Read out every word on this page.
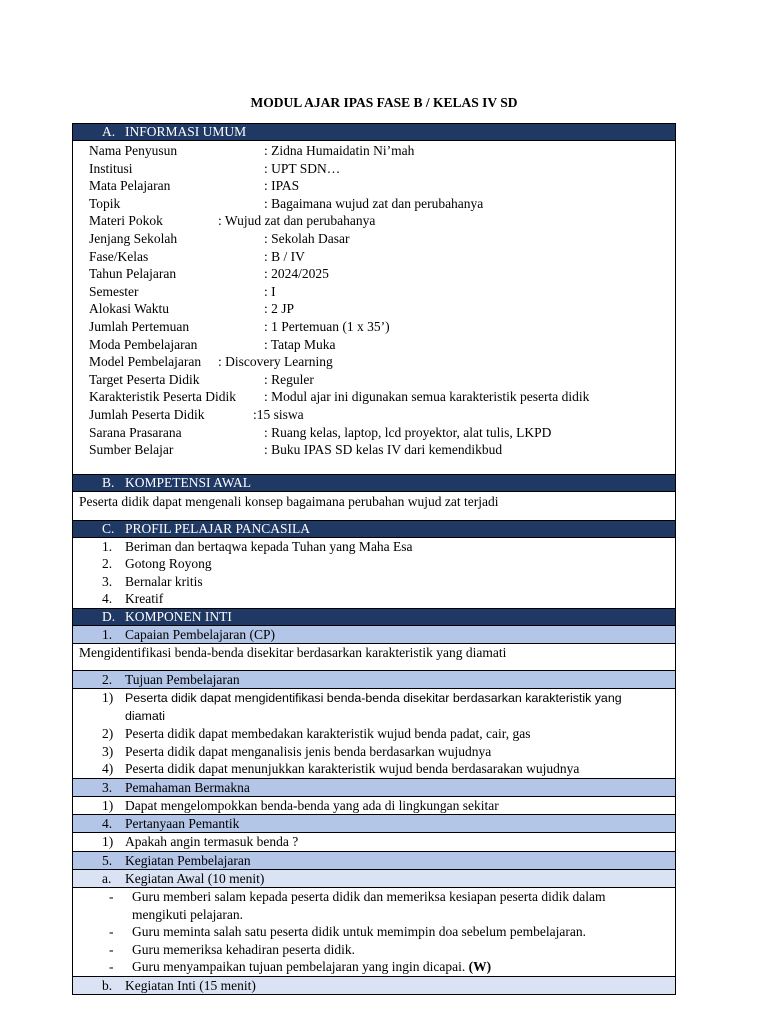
MODUL AJAR IPAS FASE B / KELAS IV SD
A. INFORMASI UMUM
Nama Penyusun	: Zidna Humaidatin Ni’mah
Institusi	: UPT SDN…
Mata Pelajaran	: IPAS
Topik	: Bagaimana wujud zat dan perubahanya
Materi Pokok	: Wujud zat dan perubahanya
Jenjang Sekolah	: Sekolah Dasar
Fase/Kelas	: B / IV
Tahun Pelajaran	: 2024/2025
Semester	: I
Alokasi Waktu	: 2 JP
Jumlah Pertemuan	: 1 Pertemuan (1 x 35’)
Moda Pembelajaran	: Tatap Muka
Model Pembelajaran : Discovery Learning
Target Peserta Didik	: Reguler
Karakteristik Peserta Didik : Modul ajar ini digunakan semua karakteristik peserta didik
Jumlah Peserta Didik	:15 siswa
Sarana Prasarana	: Ruang kelas, laptop, lcd proyektor, alat tulis, LKPD
Sumber Belajar	: Buku IPAS SD kelas IV dari kemendikbud
B. KOMPETENSI AWAL
Peserta didik dapat mengenali konsep bagaimana perubahan wujud zat terjadi
C. PROFIL PELAJAR PANCASILA
1. Beriman dan bertaqwa kepada Tuhan yang Maha Esa
2. Gotong Royong
3. Bernalar kritis
4. Kreatif
D. KOMPONEN INTI
1. Capaian Pembelajaran (CP)
Mengidentifikasi benda-benda disekitar berdasarkan karakteristik yang diamati
2. Tujuan Pembelajaran
1) Peserta didik dapat mengidentifikasi benda-benda disekitar berdasarkan karakteristik yang diamati
2) Peserta didik dapat membedakan karakteristik wujud benda padat, cair, gas
3) Peserta didik dapat menganalisis jenis benda berdasarkan wujudnya
4) Peserta didik dapat menunjukkan karakteristik wujud benda berdasarakan wujudnya
3. Pemahaman Bermakna
1) Dapat mengelompokkan benda-benda yang ada di lingkungan sekitar
4. Pertanyaan Pemantik
1) Apakah angin termasuk benda ?
5. Kegiatan Pembelajaran
a. Kegiatan Awal (10 menit)
- Guru memberi salam kepada peserta didik dan memeriksa kesiapan peserta didik dalam mengikuti pelajaran.
- Guru meminta salah satu peserta didik untuk memimpin doa sebelum pembelajaran.
- Guru memeriksa kehadiran peserta didik.
- Guru menyampaikan tujuan pembelajaran yang ingin dicapai. (W)
b. Kegiatan Inti (15 menit)
